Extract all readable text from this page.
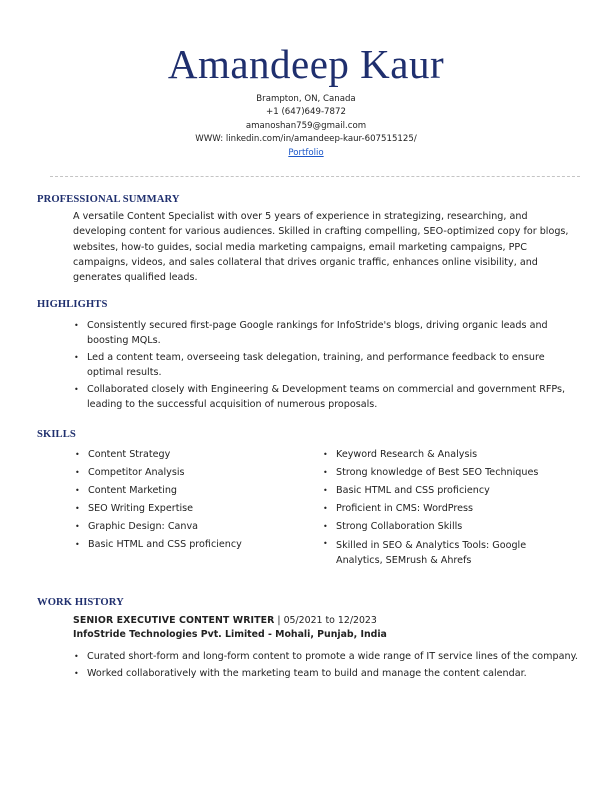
Amandeep Kaur
Brampton, ON, Canada
+1 (647)649-7872
amanoshan759@gmail.com
WWW: linkedin.com/in/amandeep-kaur-607515125/
Portfolio
PROFESSIONAL SUMMARY
A versatile Content Specialist with over 5 years of experience in strategizing, researching, and developing content for various audiences. Skilled in crafting compelling, SEO-optimized copy for blogs, websites, how-to guides, social media marketing campaigns, email marketing campaigns, PPC campaigns, videos, and sales collateral that drives organic traffic, enhances online visibility, and generates qualified leads.
HIGHLIGHTS
• Consistently secured first-page Google rankings for InfoStride's blogs, driving organic leads and boosting MQLs.
• Led a content team, overseeing task delegation, training, and performance feedback to ensure optimal results.
• Collaborated closely with Engineering & Development teams on commercial and government RFPs, leading to the successful acquisition of numerous proposals.
SKILLS
• Content Strategy
• Competitor Analysis
• Content Marketing
• SEO Writing Expertise
• Graphic Design: Canva
• Basic HTML and CSS proficiency
• Keyword Research & Analysis
• Strong knowledge of Best SEO Techniques
• Basic HTML and CSS proficiency
• Proficient in CMS: WordPress
• Strong Collaboration Skills
• Skilled in SEO & Analytics Tools: Google Analytics, SEMrush & Ahrefs
WORK HISTORY
SENIOR EXECUTIVE CONTENT WRITER | 05/2021 to 12/2023
InfoStride Technologies Pvt. Limited - Mohali, Punjab, India
• Curated short-form and long-form content to promote a wide range of IT service lines of the company.
• Worked collaboratively with the marketing team to build and manage the content calendar.
